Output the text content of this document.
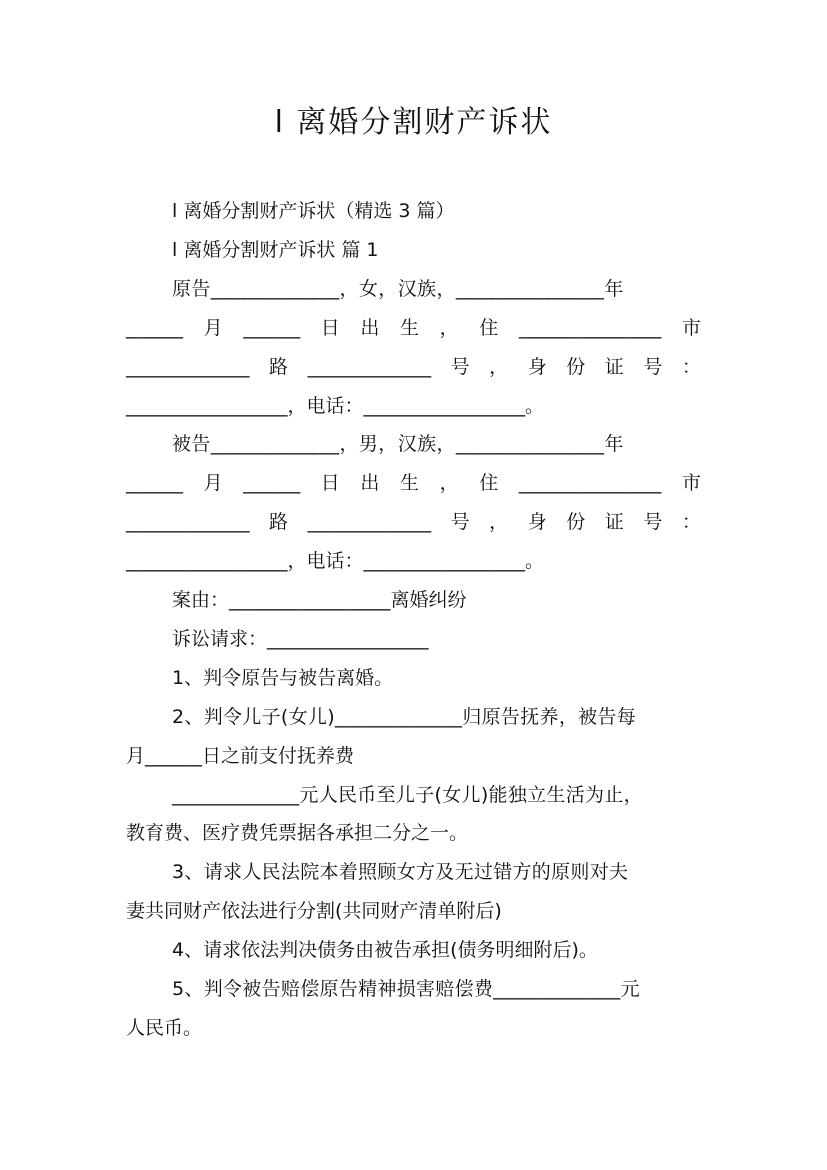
l 离婚分割财产诉状
l 离婚分割财产诉状（精选 3 篇）
l 离婚分割财产诉状 篇 1
原告_____________，女，汉族，_______________年
______ 月 ______ 日 出 生 ， 住 _______________ 市
_____________ 路 _____________ 号 ， 身 份 证 号 ：
_________________，电话：_________________。
被告_____________，男，汉族，_______________年
______ 月 ______ 日 出 生 ， 住 _______________ 市
_____________ 路 _____________ 号 ， 身 份 证 号 ：
_________________，电话：_________________。
案由：_________________离婚纠纷
诉讼请求：_________________
1、判令原告与被告离婚。
2、判令儿子(女儿)_____________归原告抚养，被告每
月______日之前支付抚养费
_____________元人民币至儿子(女儿)能独立生活为止，
教育费、医疗费凭票据各承担二分之一。
3、请求人民法院本着照顾女方及无过错方的原则对夫
妻共同财产依法进行分割(共同财产清单附后)
4、请求依法判决债务由被告承担(债务明细附后)。
5、判令被告赔偿原告精神损害赔偿费_____________元
人民币。
